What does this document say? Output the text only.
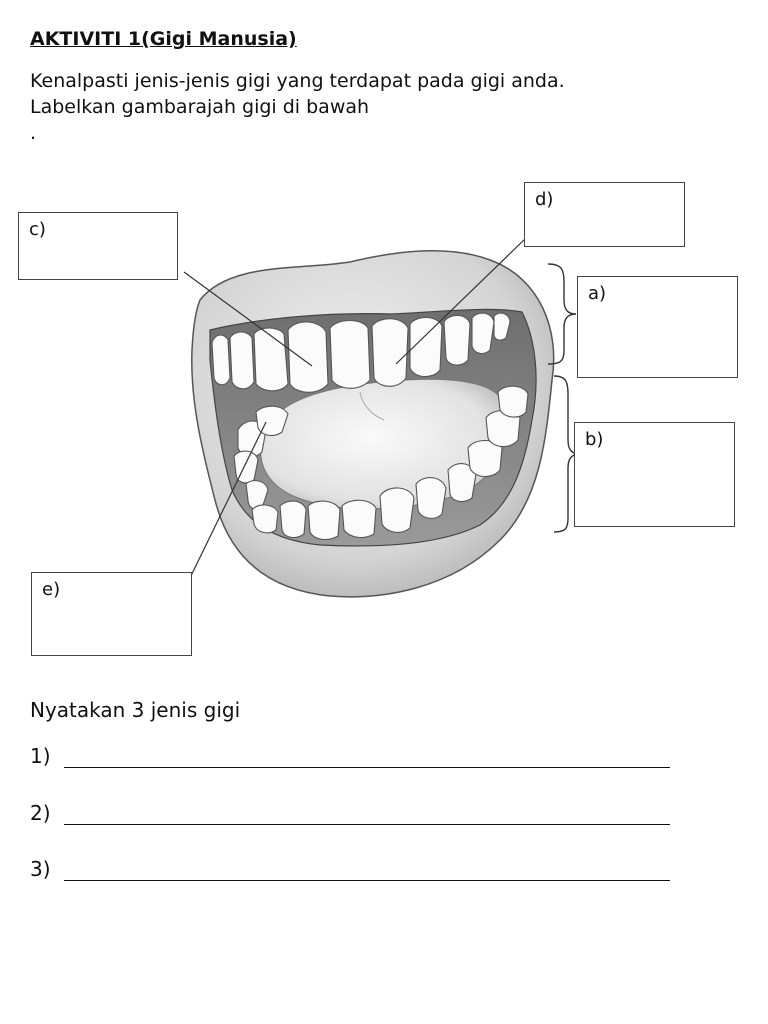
AKTIVITI 1(Gigi Manusia)
Kenalpasti jenis-jenis gigi yang terdapat pada gigi anda.
Labelkan gambarajah gigi di bawah
.
c)
d)
a)
b)
e)
Nyatakan 3 jenis gigi
1)
2)
3)
